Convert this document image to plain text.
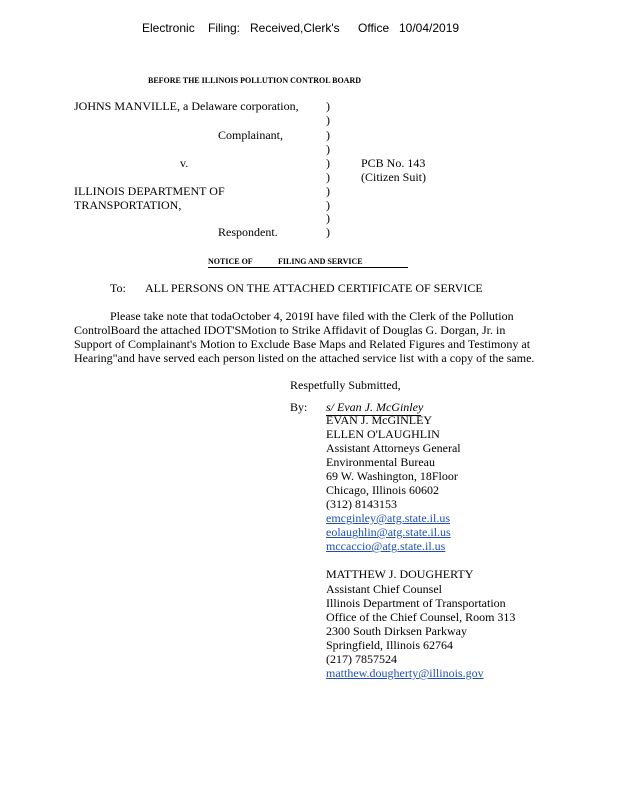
Electronic Filing: Received,Clerk's Office 10/04/2019
BEFORE THE ILLINOIS POLLUTION CONTROL BOARD
JOHNS MANVILLE, a Delaware corporation,
Complainant,
v.
ILLINOIS DEPARTMENT OF
TRANSPORTATION,
Respondent.
PCB No. 143
(Citizen Suit)
)
)
)
)
)
)
)
)
)
)
NOTICE OF	FILING AND SERVICE
To: ALL PERSONS ON THE ATTACHED CERTIFICATE OF SERVICE
Please take note that todaOctober 4, 2019I have filed with the Clerk of the Pollution
ControlBoard the attached IDOT'SMotion to Strike Affidavit of Douglas G. Dorgan, Jr. in
Support of Complainant's Motion to Exclude Base Maps and Related Figures and Testimony at
Hearing"and have served each person listed on the attached service list with a copy of the same.
Respetfully Submitted,
By: s/ Evan J. McGinley
EVAN J. McGINLEY
ELLEN O'LAUGHLIN
Assistant Attorneys General
Environmental Bureau
69 W. Washington, 18Floor
Chicago, Illinois 60602
(312) 8143153
emcginley@atg.state.il.us
eolaughlin@atg.state.il.us
mccaccio@atg.state.il.us
MATTHEW J. DOUGHERTY
Assistant Chief Counsel
Illinois Department of Transportation
Office of the Chief Counsel, Room 313
2300 South Dirksen Parkway
Springfield, Illinois 62764
(217) 7857524
matthew.dougherty@illinois.gov
